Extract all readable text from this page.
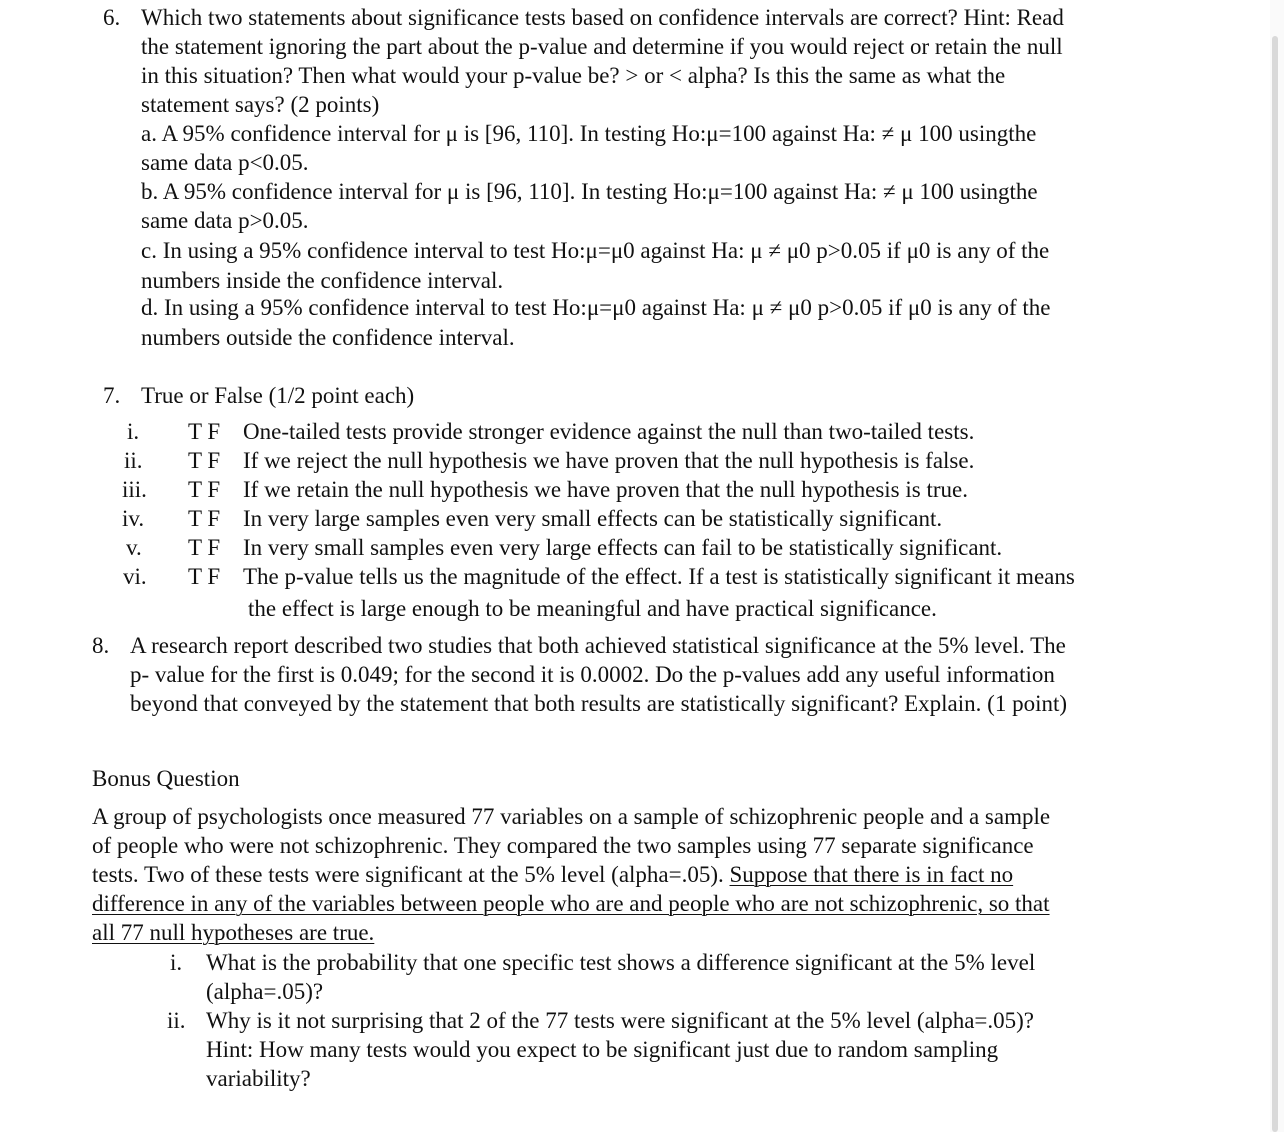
6. Which two statements about significance tests based on confidence intervals are correct? Hint: Read
the statement ignoring the part about the p-value and determine if you would reject or retain the null
in this situation? Then what would your p-value be? > or < alpha? Is this the same as what the
statement says? (2 points)
a. A 95% confidence interval for μ is [96, 110]. In testing Ho:μ=100 against Ha: ≠ μ 100 usingthe
same data p<0.05.
b. A 95% confidence interval for μ is [96, 110]. In testing Ho:μ=100 against Ha: ≠ μ 100 usingthe
same data p>0.05.
c. In using a 95% confidence interval to test Ho:μ=μ0 against Ha: μ ≠ μ0 p>0.05 if μ0 is any of the
numbers inside the confidence interval.
d. In using a 95% confidence interval to test Ho:μ=μ0 against Ha: μ ≠ μ0 p>0.05 if μ0 is any of the
numbers outside the confidence interval.
7. True or False (1/2 point each)
i. T F One-tailed tests provide stronger evidence against the null than two-tailed tests.
ii. T F If we reject the null hypothesis we have proven that the null hypothesis is false.
iii. T F If we retain the null hypothesis we have proven that the null hypothesis is true.
iv. T F In very large samples even very small effects can be statistically significant.
v. T F In very small samples even very large effects can fail to be statistically significant.
vi. T F The p-value tells us the magnitude of the effect. If a test is statistically significant it means
the effect is large enough to be meaningful and have practical significance.
8. A research report described two studies that both achieved statistical significance at the 5% level. The
p- value for the first is 0.049; for the second it is 0.0002. Do the p-values add any useful information
beyond that conveyed by the statement that both results are statistically significant? Explain. (1 point)
Bonus Question
A group of psychologists once measured 77 variables on a sample of schizophrenic people and a sample
of people who were not schizophrenic. They compared the two samples using 77 separate significance
tests. Two of these tests were significant at the 5% level (alpha=.05). Suppose that there is in fact no
difference in any of the variables between people who are and people who are not schizophrenic, so that
all 77 null hypotheses are true.
i. What is the probability that one specific test shows a difference significant at the 5% level
(alpha=.05)?
ii. Why is it not surprising that 2 of the 77 tests were significant at the 5% level (alpha=.05)?
Hint: How many tests would you expect to be significant just due to random sampling
variability?
